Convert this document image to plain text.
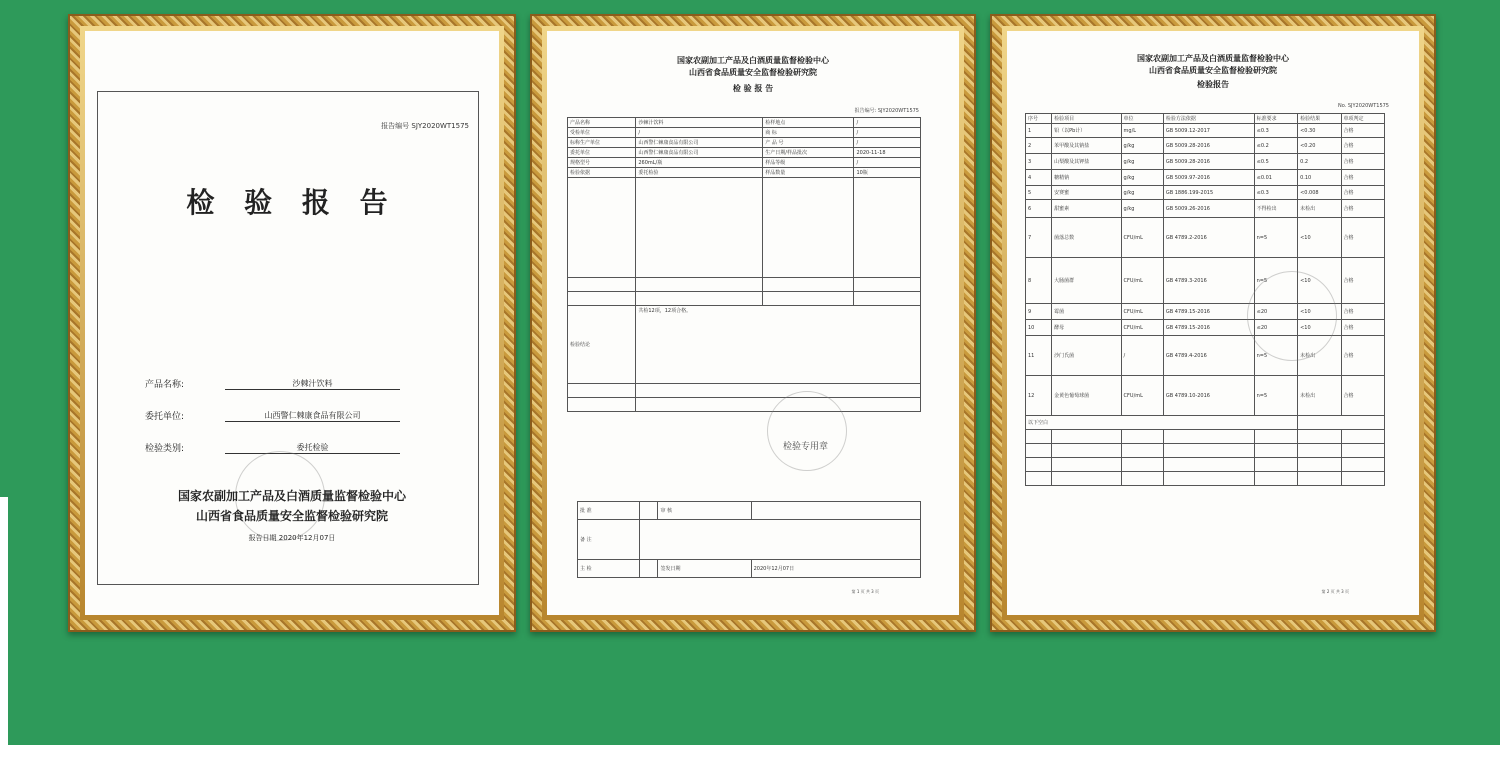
报告编号 SJY2020WT1575
检 验 报 告
产品名称:	沙棘汁饮料
委托单位:	山西警仁棘康食品有限公司
检验类别:	委托检验
国家农副加工产品及白酒质量监督检验中心
山西省食品质量安全监督检验研究院
报告日期 2020年12月07日
国家农副加工产品及白酒质量监督检验中心
山西省食品质量安全监督检验研究院
检 验 报 告
报告编号: SJY2020WT1575
产品名称	沙棘汁饮料	检样地点	/
受检单位	/	商 标	/
标称生产单位	山西警仁棘康食品有限公司	产 品 号	/
委托单位	山西警仁棘康食品有限公司	生产日期/样品批次	2020-11-18
规格型号	260mL/瓶	样品等级	/
检验依据	委托检验	样品数量	10瓶

检验结论	共检12项，12项合格。		

检验专用章
批 准		审 核	
备 注			
主 检		签发日期	2020年12月07日
第 1 页 共 3 页
国家农副加工产品及白酒质量监督检验中心
山西省食品质量安全监督检验研究院
检验报告
No. SJY2020WT1575
序号	检验项目	单位	检验方法依据	标准要求	检验结果	单项判定
1	铅（以Pb计）	mg/L	GB 5009.12-2017	≤0.3	<0.30	合格
2	苯甲酸及其钠盐	g/kg	GB 5009.28-2016	≤0.2	<0.20	合格
3	山梨酸及其钾盐	g/kg	GB 5009.28-2016	≤0.5	0.2	合格
4	糖精钠	g/kg	GB 5009.97-2016	≤0.01	0.10	合格
5	安赛蜜	g/kg	GB 1886.199-2015	≤0.3	<0.008	合格
6	甜蜜素	g/kg	GB 5009.26-2016	不得检出	未检出	合格
7	菌落总数	CFU/mL	GB 4789.2-2016	n=5	<10	合格
8	大肠菌群	CFU/mL	GB 4789.3-2016	n=5	<10	合格
9	霉菌	CFU/mL	GB 4789.15-2016	≤20	<10	合格
10	酵母	CFU/mL	GB 4789.15-2016	≤20	<10	合格
11	沙门氏菌	/	GB 4789.4-2016	n=5	未检出	合格
12	金黄色葡萄球菌	CFU/mL	GB 4789.10-2016	n=5	未检出	合格
以下空白						

第 2 页 共 3 页
